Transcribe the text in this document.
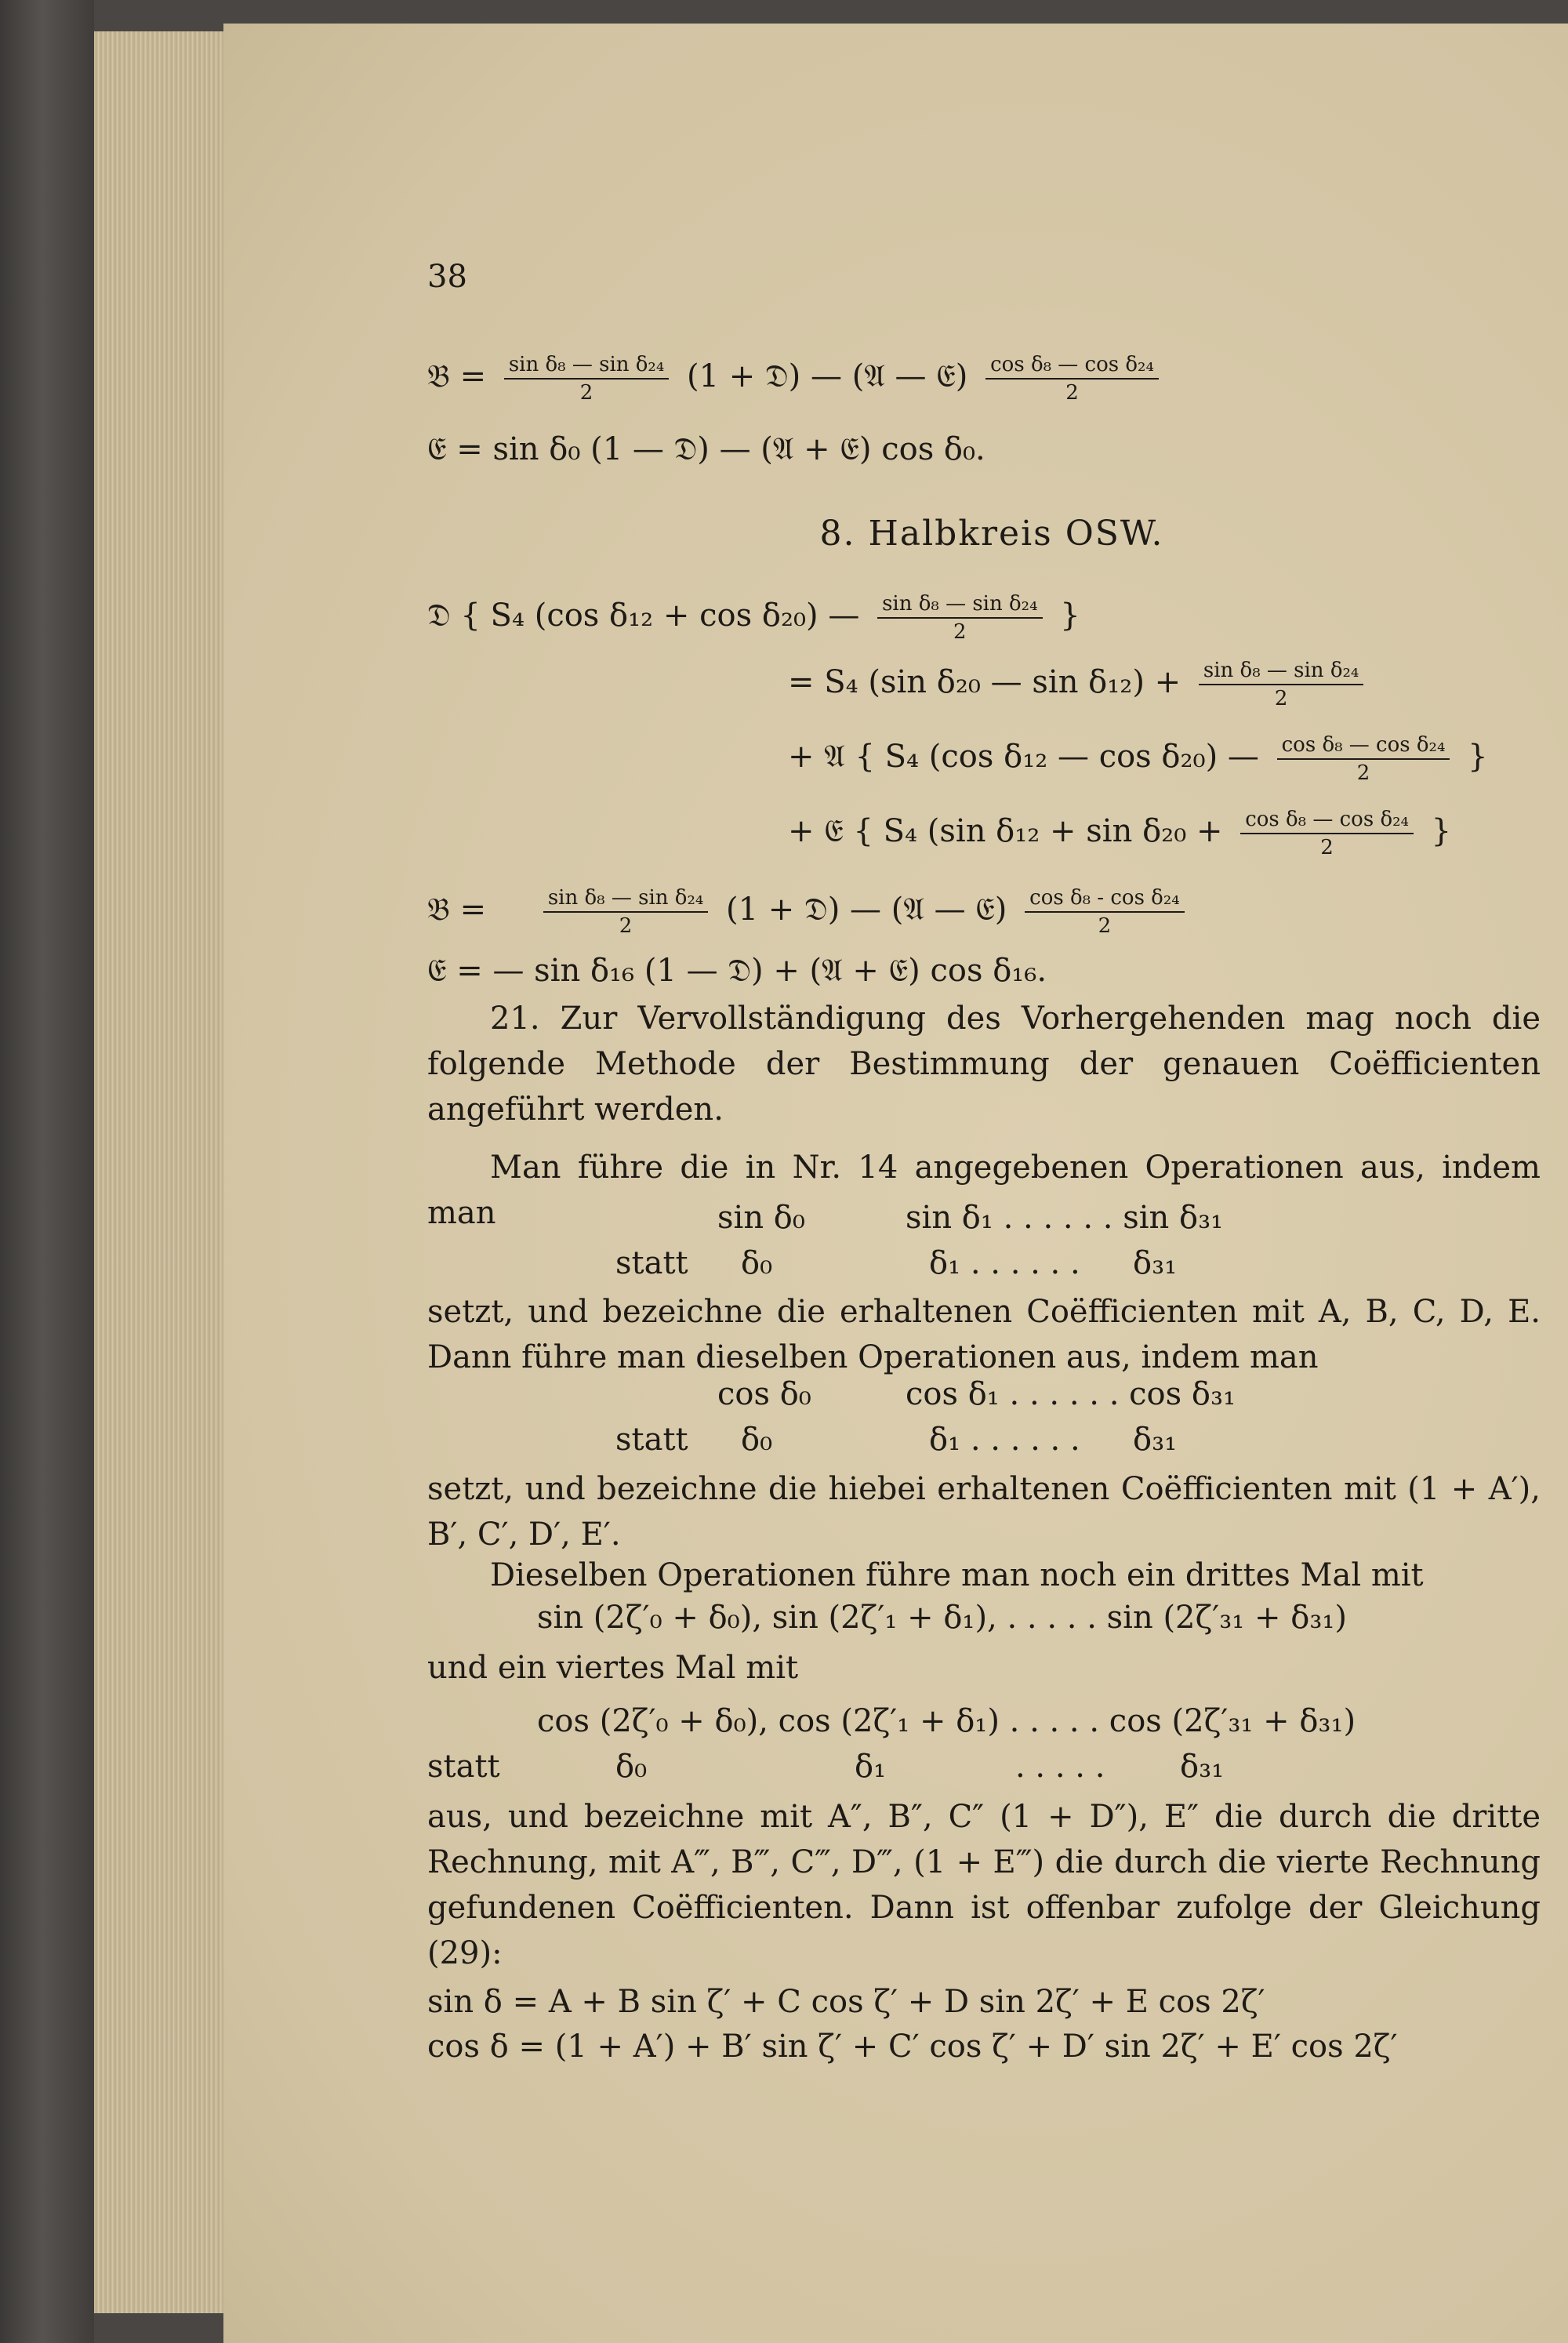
38
𝔅 = $\frac{\text{sin δ₈ — sin δ₂₄}}{2} (1$ + 𝔇) — (𝔄 — 𝔈) $\frac{\text{cos δ₈ — cos δ₂₄}}{2}$
𝔈 = sin δ₀ (1 — 𝔇) — (𝔄 + 𝔈) cos δ₀.
8. Halbkreis OSW.
𝔇 { S₄ (cos δ₁₂ + cos δ₂₀) — $\frac{\text{sin δ₈ — sin δ₂₄}}{2}$ }
= S₄ (sin δ₂₀ — $\sin \delta_{12}) + \frac{\text{sin δ₈ — sin δ₂₄}}{2}$
+ 𝔄 { S₄ (cos δ₁₂ — cos δ₂₀) — $\frac{\text{cos δ₈ — cos δ₂₄}}{2}$ }
+ 𝔈 { S₄ (sin $\delta_{12} + \sin \delta_{20} + \frac{\text{cos δ₈ — cos δ₂₄}}{2}$ }
𝔅 =	$\frac{\text{sin δ₈ — sin δ₂₄}}{2} (1$ + 𝔇) — (𝔄 — 𝔈) $\frac{\text{cos δ₈ - cos δ₂₄}}{2}$
𝔈 = — sin δ₁₆ (1 — 𝔇) + (𝔄 + 𝔈) cos δ₁₆.
21. Zur Vervollständigung des Vorhergehenden mag noch die folgende Methode der Bestimmung der genauen Coëfficienten angeführt werden.
Man führe die in Nr. 14 angegebenen Operationen aus, indem man	sin δ₀	sin δ₁ . . . . . . sin δ₃₁
statt δ₀	δ₁ . . . . . . δ₃₁
setzt, und bezeichne die erhaltenen Coëfficienten mit A, B, C, D, E. Dann führe man dieselben Operationen aus, indem man
cos δ₀	cos δ₁ . . . . . . cos δ₃₁
statt δ₀	δ₁ . . . . . . δ₃₁
setzt, und bezeichne die hiebei erhaltenen Coëfficienten mit (1 + A′), B′, C′, D′, E′.
Dieselben Operationen führe man noch ein drittes Mal mit
sin (2ζ′₀ + δ₀), sin (2ζ′₁ + δ₁), . . . . . sin (2ζ′₃₁ + δ₃₁)
und ein viertes Mal mit
cos (2ζ′₀ + δ₀), cos (2ζ′₁ + δ₁) . . . . . cos (2ζ′₃₁ + δ₃₁)
statt	δ₀	δ₁	. . . . . δ₃₁
aus, und bezeichne mit A″, B″, C″ (1 + D″), E″ die durch die dritte Rechnung, mit A‴, B‴, C‴, D‴, (1 + E‴) die durch die vierte Rechnung gefundenen Coëfficienten. Dann ist offenbar zufolge der Gleichung (29):
sin δ = A + B sin ζ′ + C cos ζ′ + D sin 2ζ′ + E cos 2ζ′
cos δ = (1 + A′) + B′ sin ζ′ + C′ cos ζ′ + D′ sin 2ζ′ + E′ cos 2ζ′
